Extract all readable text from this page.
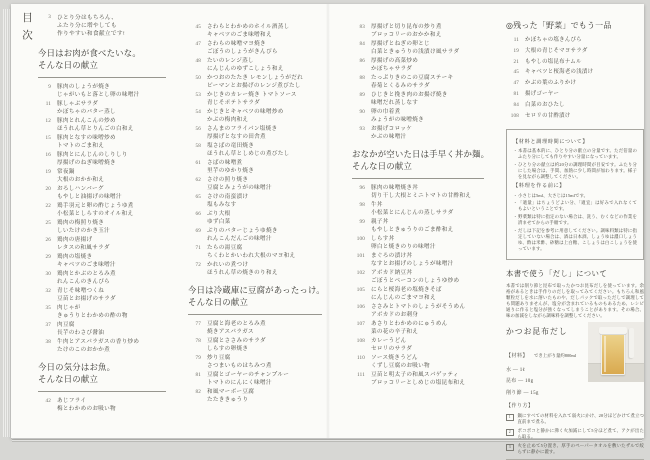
目次	3 ひとり分はもちろん、
ふたり分に増やしても
作りやすい和食献立です!
今日はお肉が食べたいな。
そんな日の献立
9 豚肉のしょうが焼き
じゃがいもと落とし卵の味噌汁
11 豚しゃぶサラダ
かぼちゃのバター蒸し
12 豚肉とれんこんの炒め
ほうれん草とりんごの白和え
15 豚肉となすの味噌炒め
トマトのごま和え
16 豚肉とにんじんのしりしり
厚揚げのねぎ味噌焼き
19 常夜鍋
大根のおかか和え
20 おろしハンバーグ
もやしと油揚げの味噌汁
22 鶏手羽元と卵の酢じょうゆ煮
小松菜としらすのオイル和え
25 鶏肉の梅照り焼き
しいたけのかき玉汁
26 鶏肉の唐揚げ
レタスの和風サラダ
29 鶏肉の塩焼き
キャベツのごま味噌汁
30 鶏肉とかぶのとろみ煮
れんこんのきんぴら
32 青じそ味噌つくね
豆苗とお揚げのサラダ
35 肉じゃが
きゅうりとわかめの酢の物
37 肉豆腐
長芋のわさび醤油
38 牛肉とアスパラガスの香り炒め
たけのこのおかか煮
今日の気分はお魚。
そんな日の献立
42 あじフライ
梅とわかめのお吸い物
45 さわらとわかめのホイル酒蒸し
キャベツのごま味噌和え
47 さわらの味噌マヨ焼き
ごぼうのしょうがきんぴら
48 たいのレンジ蒸し
にんじんのゆずこしょう和え
50 かつおのたたき レモンしょうがだれ
ピーマンとお揚げのレンジ煮びたし
53 かじきのカレー焼き トマトソース
青じそポテトサラダ
54 かじきとキャベツの味噌炒め
かぶの梅肉和え
56 さんまのフライパン塩焼き
厚揚げとなすの田舎煮
58 塩さばの竜田焼き
ほうれん草としめじの煮びたし
61 さばの味噌煮
里芋のゆかり焼き
62 さけの照り焼き
豆腐とみょうがの味噌汁
65 さけの南蛮漬け
塩もみなす
66 ぶり大根
ゆず白菜
69 ぶりのバターじょうゆ焼き
れんこんだんごの味噌汁
71 たらの湯豆腐
ちくわとかいわれ大根のマヨ和え
72 かれいの煮つけ
ほうれん草の焼きのり和え
今日は冷蔵庫に豆腐があったっけ。
そんな日の献立
77 豆腐と海老のとろみ煮
焼きアスパラガス
78 豆腐とささみのサラダ
しらすの卵焼き
79 炒り豆腐
さつまいものはちみつ煮
81 豆腐とゴーヤーのチャンプルー
トマトのにんにく味噌汁
82 和風マーボー豆腐
たたききゅうり
83 厚揚げと切り昆布の炒り煮
ブロッコリーのおかか和え
84 厚揚げとねぎの卵とじ
白菜ときゅうりの浅漬け風サラダ
86 厚揚げの高菜炒め
かぼちゃサラダ
88 たっぷりきのこの豆腐ステーキ
春菊とくるみのサラダ
89 ひじきと挽き肉のお揚げ焼き
味噌だれ蒸しなす
90 卵の巾着煮
みょうがの味噌焼き
93 お揚げコロッケ
かぶの味噌汁
おなかが空いた日は手早く丼か麺。
そんな日の献立
96 豚肉の味噌焼き丼
切り干し大根とミニトマトの甘酢和え
98 牛丼
小松菜とにんじんの蒸しサラダ
99 親子丼
もやしときゅうりのごま酢和え
100 しらす丼
卵白と焼きのりの味噌汁
101 まぐろの漬け丼
なすとお揚げのしょうが味噌汁
102 アボカド納豆丼
ごぼうとベーコンのしょうゆ炒め
105 にらと桜海老の塩焼きそば
にんじんのごまマヨ和え
106 ささみとトマトのしょうがそうめん
アボカドのお刺身
107 あさりとわかめのにゅうめん
菜の花の辛子和え
108 カレーうどん
セロリのサラダ
110 ソース焼きうどん
くずし豆腐のお吸い物
111 豆苗と明太子の和風スパゲッティ
ブロッコリーとしめじの塩昆布和え
◎残った「野菜」でもう一品
11 かぼちゃの塩きんぴら
19 大根の青じそマヨサラダ
21 もやしの塩昆布ナムル
45 キャベツと桜海老の浅漬け
47 かぶの葉のふりかけ
81 揚げゴーヤー
84 白菜のおひたし
108 セロリの甘酢漬け
【材料と調理時間について】
・ 本書は基本的に、ひとり分の献立の分量です。ただ倍量のふたり分にしても作りやすい分量になっています。
・ ひとり分の献立は約20分の調理時間が目安です。ふたり分にした場合は、手間、加熱に少し時間が加わります。様子を見ながら調整してください。
【料理を作る前に】
・ 小さじは5ml、大さじは15mlです。
・ 「適量」はちょうどよい分、「適宜」は好みで入れなくてもよいということです。
・ 野菜類は特に指定のない場合は、洗う、むくなどの作業を済ませてからの手順です。
・ だしは下記を参考に用意してください。調味料類は特に指定していない場合は、酒は日本酒、しょうゆは濃口しょうゆ、酢は米酢、砂糖は上白糖、こしょうは白こしょうを使っています。
本書で使う「だし」について
本書では削り節と昆布で取ったかつお昆布だしを使っています。余裕があるときは手作りのだしを取ってみてください。もちろん和風顆粒だしを水に溶いたものや、だしパックで取っただしで調理しても問題ありませんが、塩分が含まれているものもあるため、レシピ通りに作ると塩分が強くなってしまうことがあります。その場合、味の加減をしながら調味料を調整してください。
かつお昆布だし
【材料】 でき上がり量約800ml
水 — 1ℓ
昆布 — 10g
削り節 — 15g
【作り方】
1	鍋にすべての材料を入れて弱火にかけ、20分ほどかけて煮立つ直前まで煮る。
2	ポコポコと静かに沸く火加減にして5分ほど煮て、アクが出たら取る。
3	火を止めて5分置き、厚手のペーパータオルを敷いたザルで絞らずに静かに漉す。
